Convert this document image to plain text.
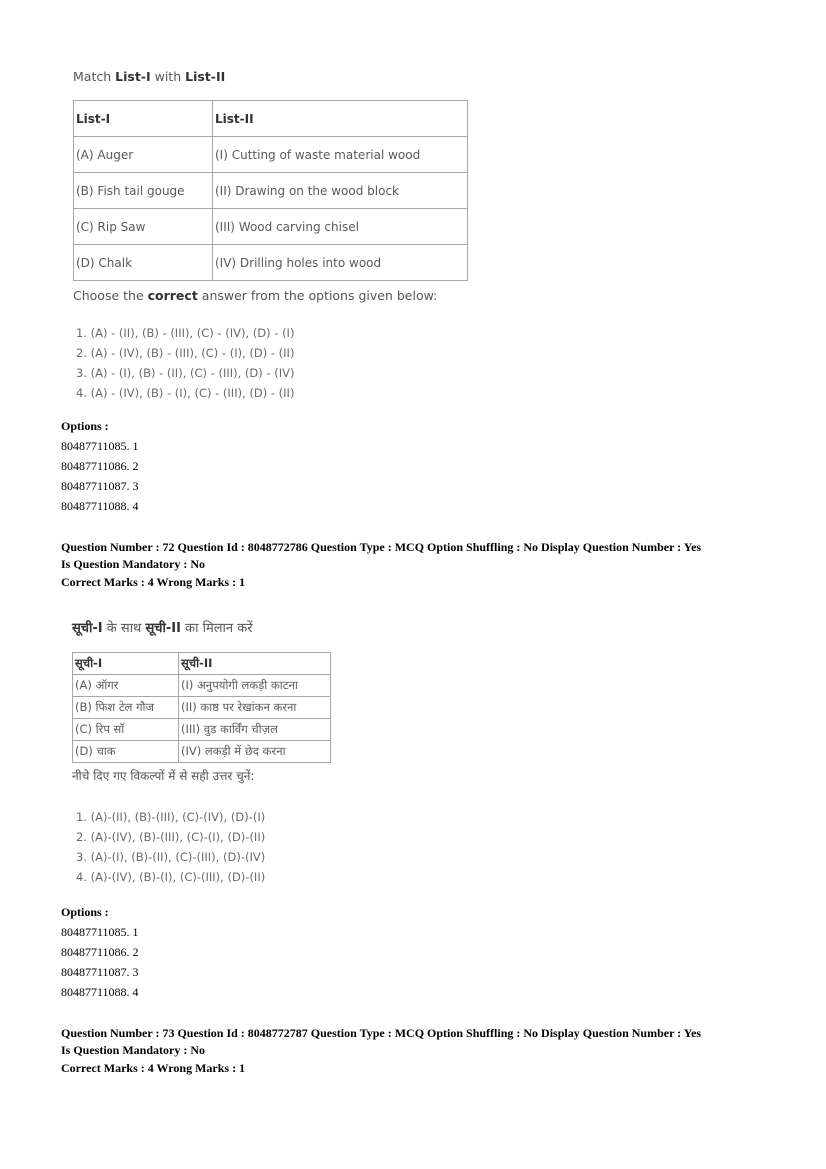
Match List-I with List-II
List-I	List-II
(A) Auger	(I) Cutting of waste material wood
(B) Fish tail gouge	(II) Drawing on the wood block
(C) Rip Saw	(III) Wood carving chisel
(D) Chalk	(IV) Drilling holes into wood
Choose the correct answer from the options given below:
1. (A) - (II), (B) - (III), (C) - (IV), (D) - (I)
2. (A) - (IV), (B) - (III), (C) - (I), (D) - (II)
3. (A) - (I), (B) - (II), (C) - (III), (D) - (IV)
4. (A) - (IV), (B) - (I), (C) - (III), (D) - (II)
Options :
80487711085. 1
80487711086. 2
80487711087. 3
80487711088. 4
Question Number : 72 Question Id : 8048772786 Question Type : MCQ Option Shuffling : No Display Question Number : Yes
Is Question Mandatory : No
Correct Marks : 4 Wrong Marks : 1
सूची-I के साथ सूची-II का मिलान करें
सूची-I	सूची-II
(A) ऑगर	(I) अनुपयोगी लकड़ी काटना
(B) फिश टेल गौज	(II) काष्ठ पर रेखांकन करना
(C) रिप सॉ	(III) वुड कार्विंग चीज़ल
(D) चाक	(IV) लकड़ी में छेद करना
नीचे दिए गए विकल्पों में से सही उत्तर चुनें:
1. (A)-(II), (B)-(III), (C)-(IV), (D)-(I)
2. (A)-(IV), (B)-(III), (C)-(I), (D)-(II)
3. (A)-(I), (B)-(II), (C)-(III), (D)-(IV)
4. (A)-(IV), (B)-(I), (C)-(III), (D)-(II)
Options :
80487711085. 1
80487711086. 2
80487711087. 3
80487711088. 4
Question Number : 73 Question Id : 8048772787 Question Type : MCQ Option Shuffling : No Display Question Number : Yes
Is Question Mandatory : No
Correct Marks : 4 Wrong Marks : 1
